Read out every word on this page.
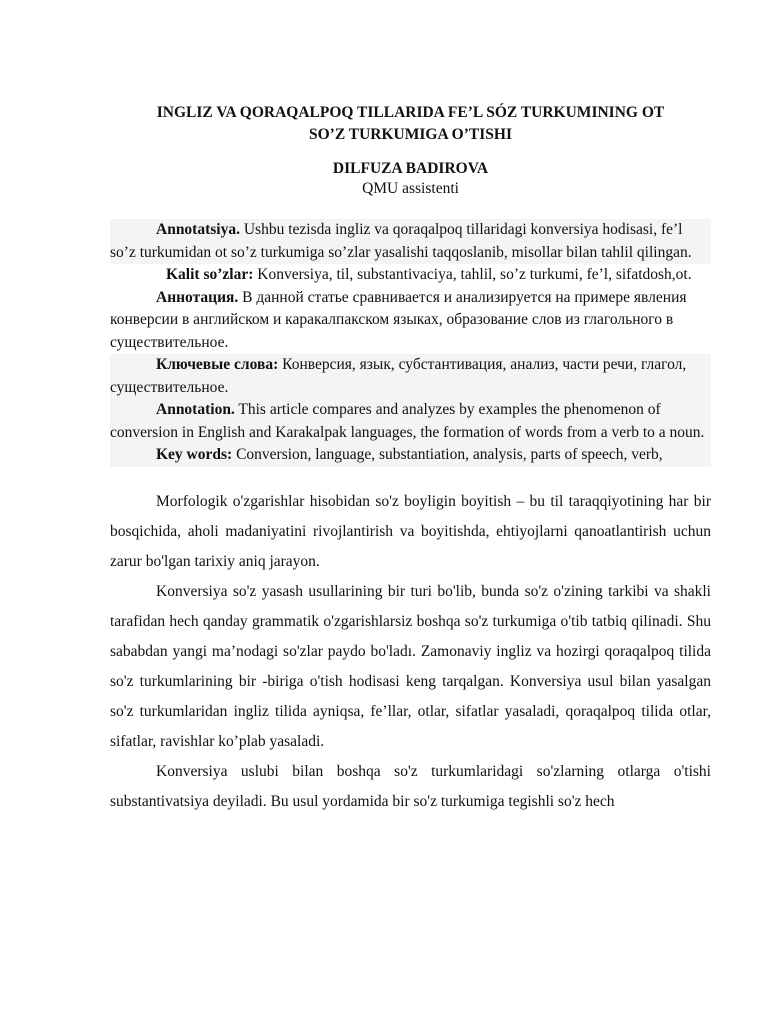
INGLIZ VA QORAQALPOQ TILLARIDA FE’L SÓZ TURKUMINING OT
SO’Z TURKUMIGA O’TISHI

DILFUZA BADIROVA

QMU assistenti

Annotatsiya. Ushbu tezisda ingliz va qoraqalpoq tillaridagi konversiya hodisasi, fe’l so’z turkumidan ot so’z turkumiga so’zlar yasalishi taqqoslanib, misollar bilan tahlil qilingan.

Kalit so’zlar: Konversiya, til, substantivaciya, tahlil, so’z turkumi, fe’l, sifatdosh,ot.

Аннотация. В данной статье сравнивается и анализируется на примере явления конверсии в английском и каракалпакском языках, образование слов из глагольного в существительное.

Ключевые слова: Конверсия, язык, субстантивация, анализ, части речи, глагол, существительное.

Annotation. This article compares and analyzes by examples the phenomenon of conversion in English and Karakalpak languages, the formation of words from a verb to a noun.

Key words: Conversion, language, substantiation, analysis, parts of speech, verb,

Morfologik o'zgarishlar hisobidan so'z boyligin boyitish – bu til taraqqiyotining har bir bosqichida, aholi madaniyatini rivojlantirish va boyitishda, ehtiyojlarni qanoatlantirish uchun zarur bo'lgan tarixiy aniq jarayon.

Konversiya so'z yasash usullarining bir turi bo'lib, bunda so'z o'zining tarkibi va shakli tarafidan hech qanday grammatik o'zgarishlarsiz boshqa so'z turkumiga o'tib tatbiq qilinadi. Shu sababdan yangi ma’nodagi so'zlar paydo bo'ladı. Zamonaviy ingliz va hozirgi qoraqalpoq tilida so'z turkumlarining bir -biriga o'tish hodisasi keng tarqalgan. Konversiya usul bilan yasalgan so'z turkumlaridan ingliz tilida ayniqsa, fe’llar, otlar, sifatlar yasaladi, qoraqalpoq tilida otlar, sifatlar, ravishlar ko’plab yasaladi.

Konversiya uslubi bilan boshqa so'z turkumlaridagi so'zlarning otlarga o'tishi substantivatsiya deyiladi. Bu usul yordamida bir so'z turkumiga tegishli so'z hech
